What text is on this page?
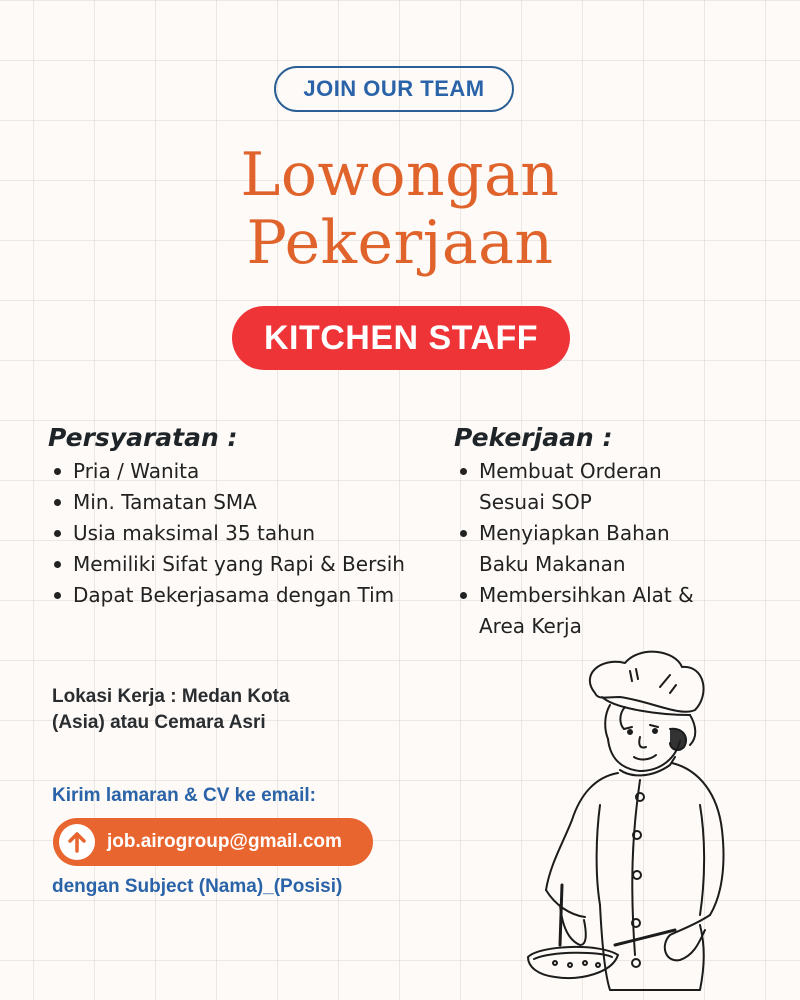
JOIN OUR TEAM
Lowongan
Pekerjaan
KITCHEN STAFF
Persyaratan :
Pria / Wanita
Min. Tamatan SMA
Usia maksimal 35 tahun
Memiliki Sifat yang Rapi & Bersih
Dapat Bekerjasama dengan Tim
Pekerjaan :
Membuat Orderan Sesuai SOP
Menyiapkan Bahan Baku Makanan
Membersihkan Alat & Area Kerja
Lokasi Kerja : Medan Kota
(Asia) atau Cemara Asri
Kirim lamaran & CV ke email:
job.airogroup@gmail.com
dengan Subject (Nama)_(Posisi)
